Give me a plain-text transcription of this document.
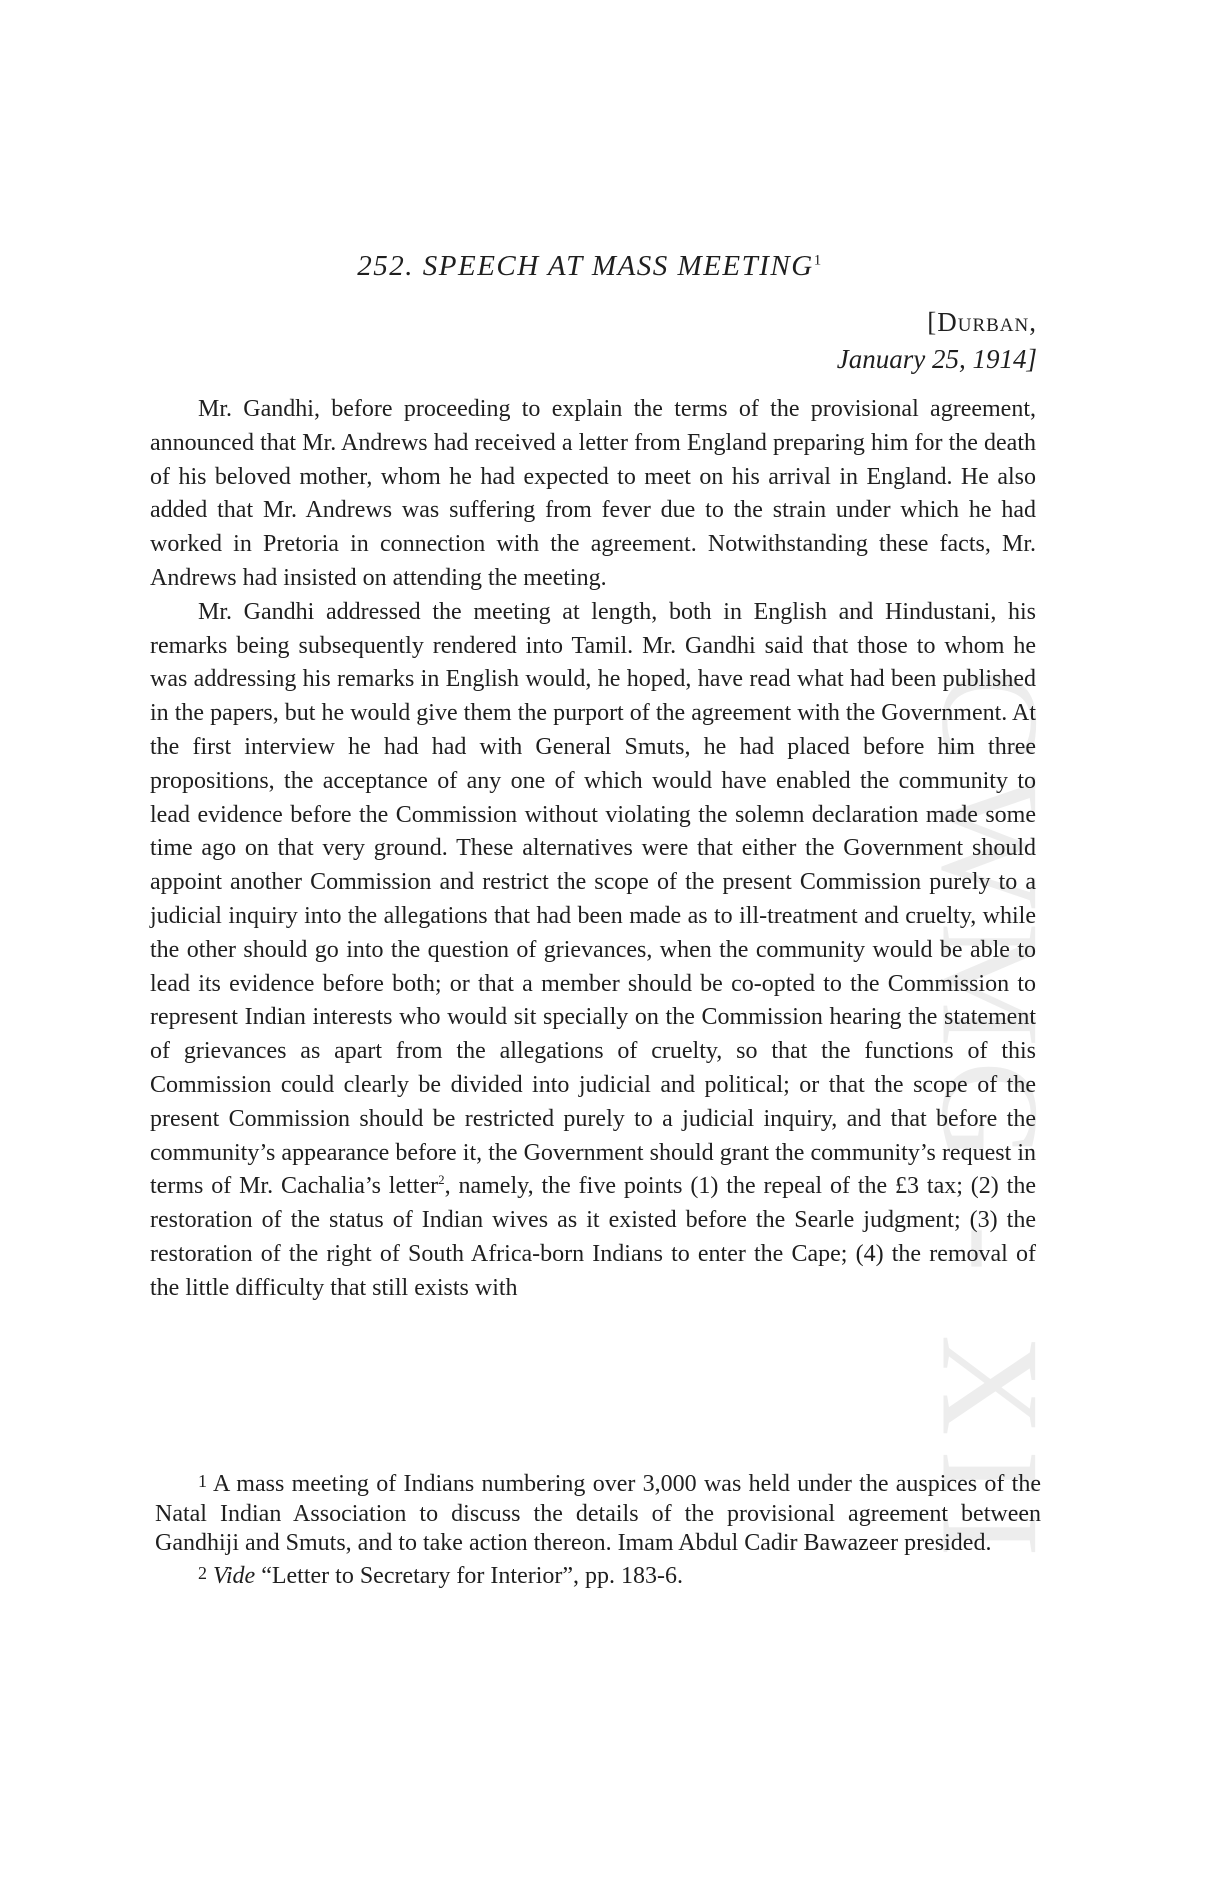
CWMG - XII
252. SPEECH AT MASS MEETING$^1$
[Durban,
January 25, 1914]

Mr. Gandhi, before proceeding to explain the terms of the provisional agreement, announced that Mr. Andrews had received a letter from England preparing him for the death of his beloved mother, whom he had expected to meet on his arrival in England. He also added that Mr. Andrews was suffering from fever due to the strain under which he had worked in Pretoria in connection with the agreement. Notwithstanding these facts, Mr. Andrews had insisted on attending the meeting.

Mr. Gandhi addressed the meeting at length, both in English and Hindustani, his remarks being subsequently rendered into Tamil. Mr. Gandhi said that those to whom he was addressing his remarks in English would, he hoped, have read what had been published in the papers, but he would give them the purport of the agreement with the Government. At the first interview he had had with General Smuts, he had placed before him three propositions, the acceptance of any one of which would have enabled the community to lead evidence before the Commission without violating the solemn declaration made some time ago on that very ground. These alternatives were that either the Government should appoint another Commission and restrict the scope of the present Commission purely to a judicial inquiry into the allegations that had been made as to ill-treatment and cruelty, while the other should go into the question of grievances, when the community would be able to lead its evidence before both; or that a member should be co-opted to the Commission to represent Indian interests who would sit specially on the Commission hearing the statement of grievances as apart from the allegations of cruelty, so that the functions of this Commission could clearly be divided into judicial and political; or that the scope of the present Commission should be restricted purely to a judicial inquiry, and that before the community’s appearance before it, the Government should grant the community’s request in terms of Mr. Cachalia’s letter$^2$, namely, the five points (1) the repeal of the £3 tax; (2) the restoration of the status of Indian wives as it existed before the Searle judgment; (3) the restoration of the right of South Africa-born Indians to enter the Cape; (4) the removal of the little difficulty that still exists with

1 A mass meeting of Indians numbering over 3,000 was held under the auspices of the Natal Indian Association to discuss the details of the provisional agreement between Gandhiji and Smuts, and to take action thereon. Imam Abdul Cadir Bawazeer presided.

2 Vide “Letter to Secretary for Interior”, pp. 183-6.
